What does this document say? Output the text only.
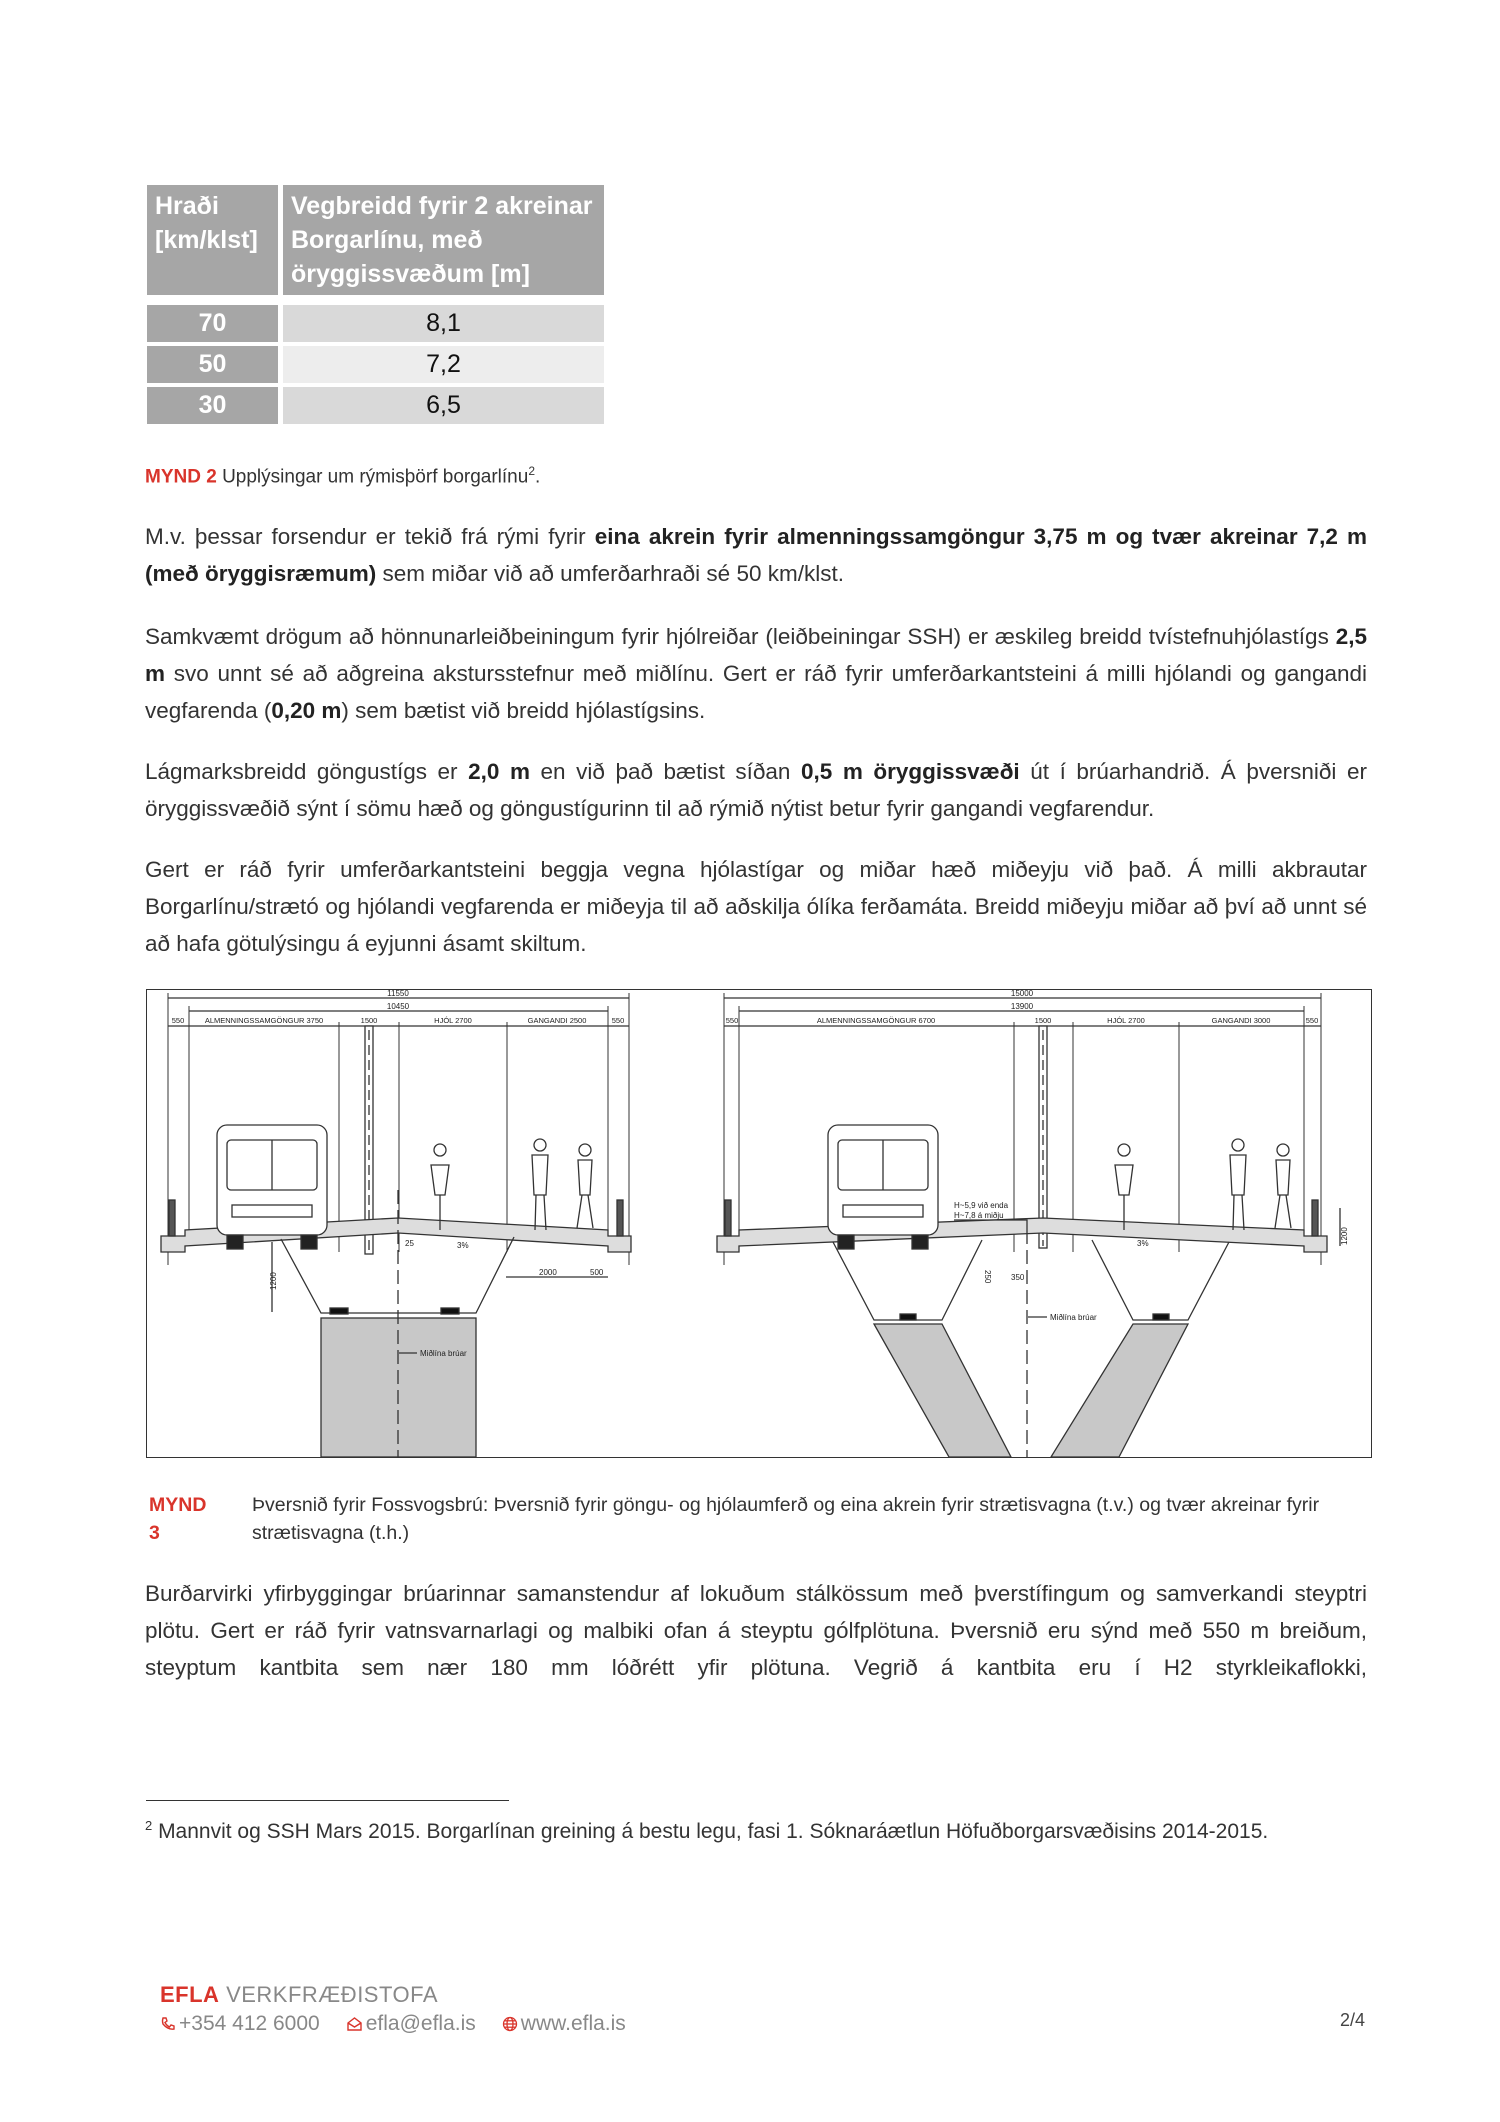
Hraði [km/klst]	Vegbreidd fyrir 2 akreinar Borgarlínu, með öryggissvæðum [m]

70	8,1
50	7,2
30	6,5
MYND 2 Upplýsingar um rýmisþörf borgarlínu$^2$.
M.v. þessar forsendur er tekið frá rými fyrir eina akrein fyrir almenningssamgöngur 3,75 m og tvær akreinar 7,2 m (með öryggisræmum) sem miðar við að umferðarhraði sé 50 km/klst.
Samkvæmt drögum að hönnunarleiðbeiningum fyrir hjólreiðar (leiðbeiningar SSH) er æskileg breidd tvístefnuhjólastígs 2,5 m svo unnt sé að aðgreina akstursstefnur með miðlínu. Gert er ráð fyrir umferðarkantsteini á milli hjólandi og gangandi vegfarenda (0,20 m) sem bætist við breidd hjólastígsins.
Lágmarksbreidd göngustígs er 2,0 m en við það bætist síðan 0,5 m öryggissvæði út í brúarhandrið. Á þversniði er öryggissvæðið sýnt í sömu hæð og göngustígurinn til að rýmið nýtist betur fyrir gangandi vegfarendur.
Gert er ráð fyrir umferðarkantsteini beggja vegna hjólastígar og miðar hæð miðeyju við það. Á milli akbrautar Borgarlínu/strætó og hjólandi vegfarenda er miðeyja til að aðskilja ólíka ferðamáta. Breidd miðeyju miðar að því að unnt sé að hafa götulýsingu á eyjunni ásamt skiltum.
11550
10450
550	ALMENNINGSSAMGÖNGUR 3750	1500	HJÓL 2700	GANGANDI 2500	550
1200
25	3%
2000	500
Miðlína brúar
15000
13900
550	ALMENNINGSSAMGÖNGUR 6700	1500	HJÓL 2700	GANGANDI 3000	550
H~5,9 við enda
H~7,8 á miðju
250 350
3%	1200
Miðlína brúar
MYND 3
Þversnið fyrir Fossvogsbrú: Þversnið fyrir göngu- og hjólaumferð og eina akrein fyrir strætisvagna (t.v.) og tvær akreinar fyrir strætisvagna (t.h.)
Burðarvirki yfirbyggingar brúarinnar samanstendur af lokuðum stálkössum með þverstífingum og samverkandi steyptri plötu. Gert er ráð fyrir vatnsvarnarlagi og malbiki ofan á steyptu gólfplötuna. Þversnið eru sýnd með 550 m breiðum, steyptum kantbita sem nær 180 mm lóðrétt yfir plötuna. Vegrið á kantbita eru í H2 styrkleikaflokki,
$^2$ Mannvit og SSH Mars 2015. Borgarlínan greining á bestu legu, fasi 1. Sóknaráætlun Höfuðborgarsvæðisins 2014-2015.
EFLA VERKFRÆÐISTOFA
+354 412 6000 efla@efla.is www.efla.is	2/4
